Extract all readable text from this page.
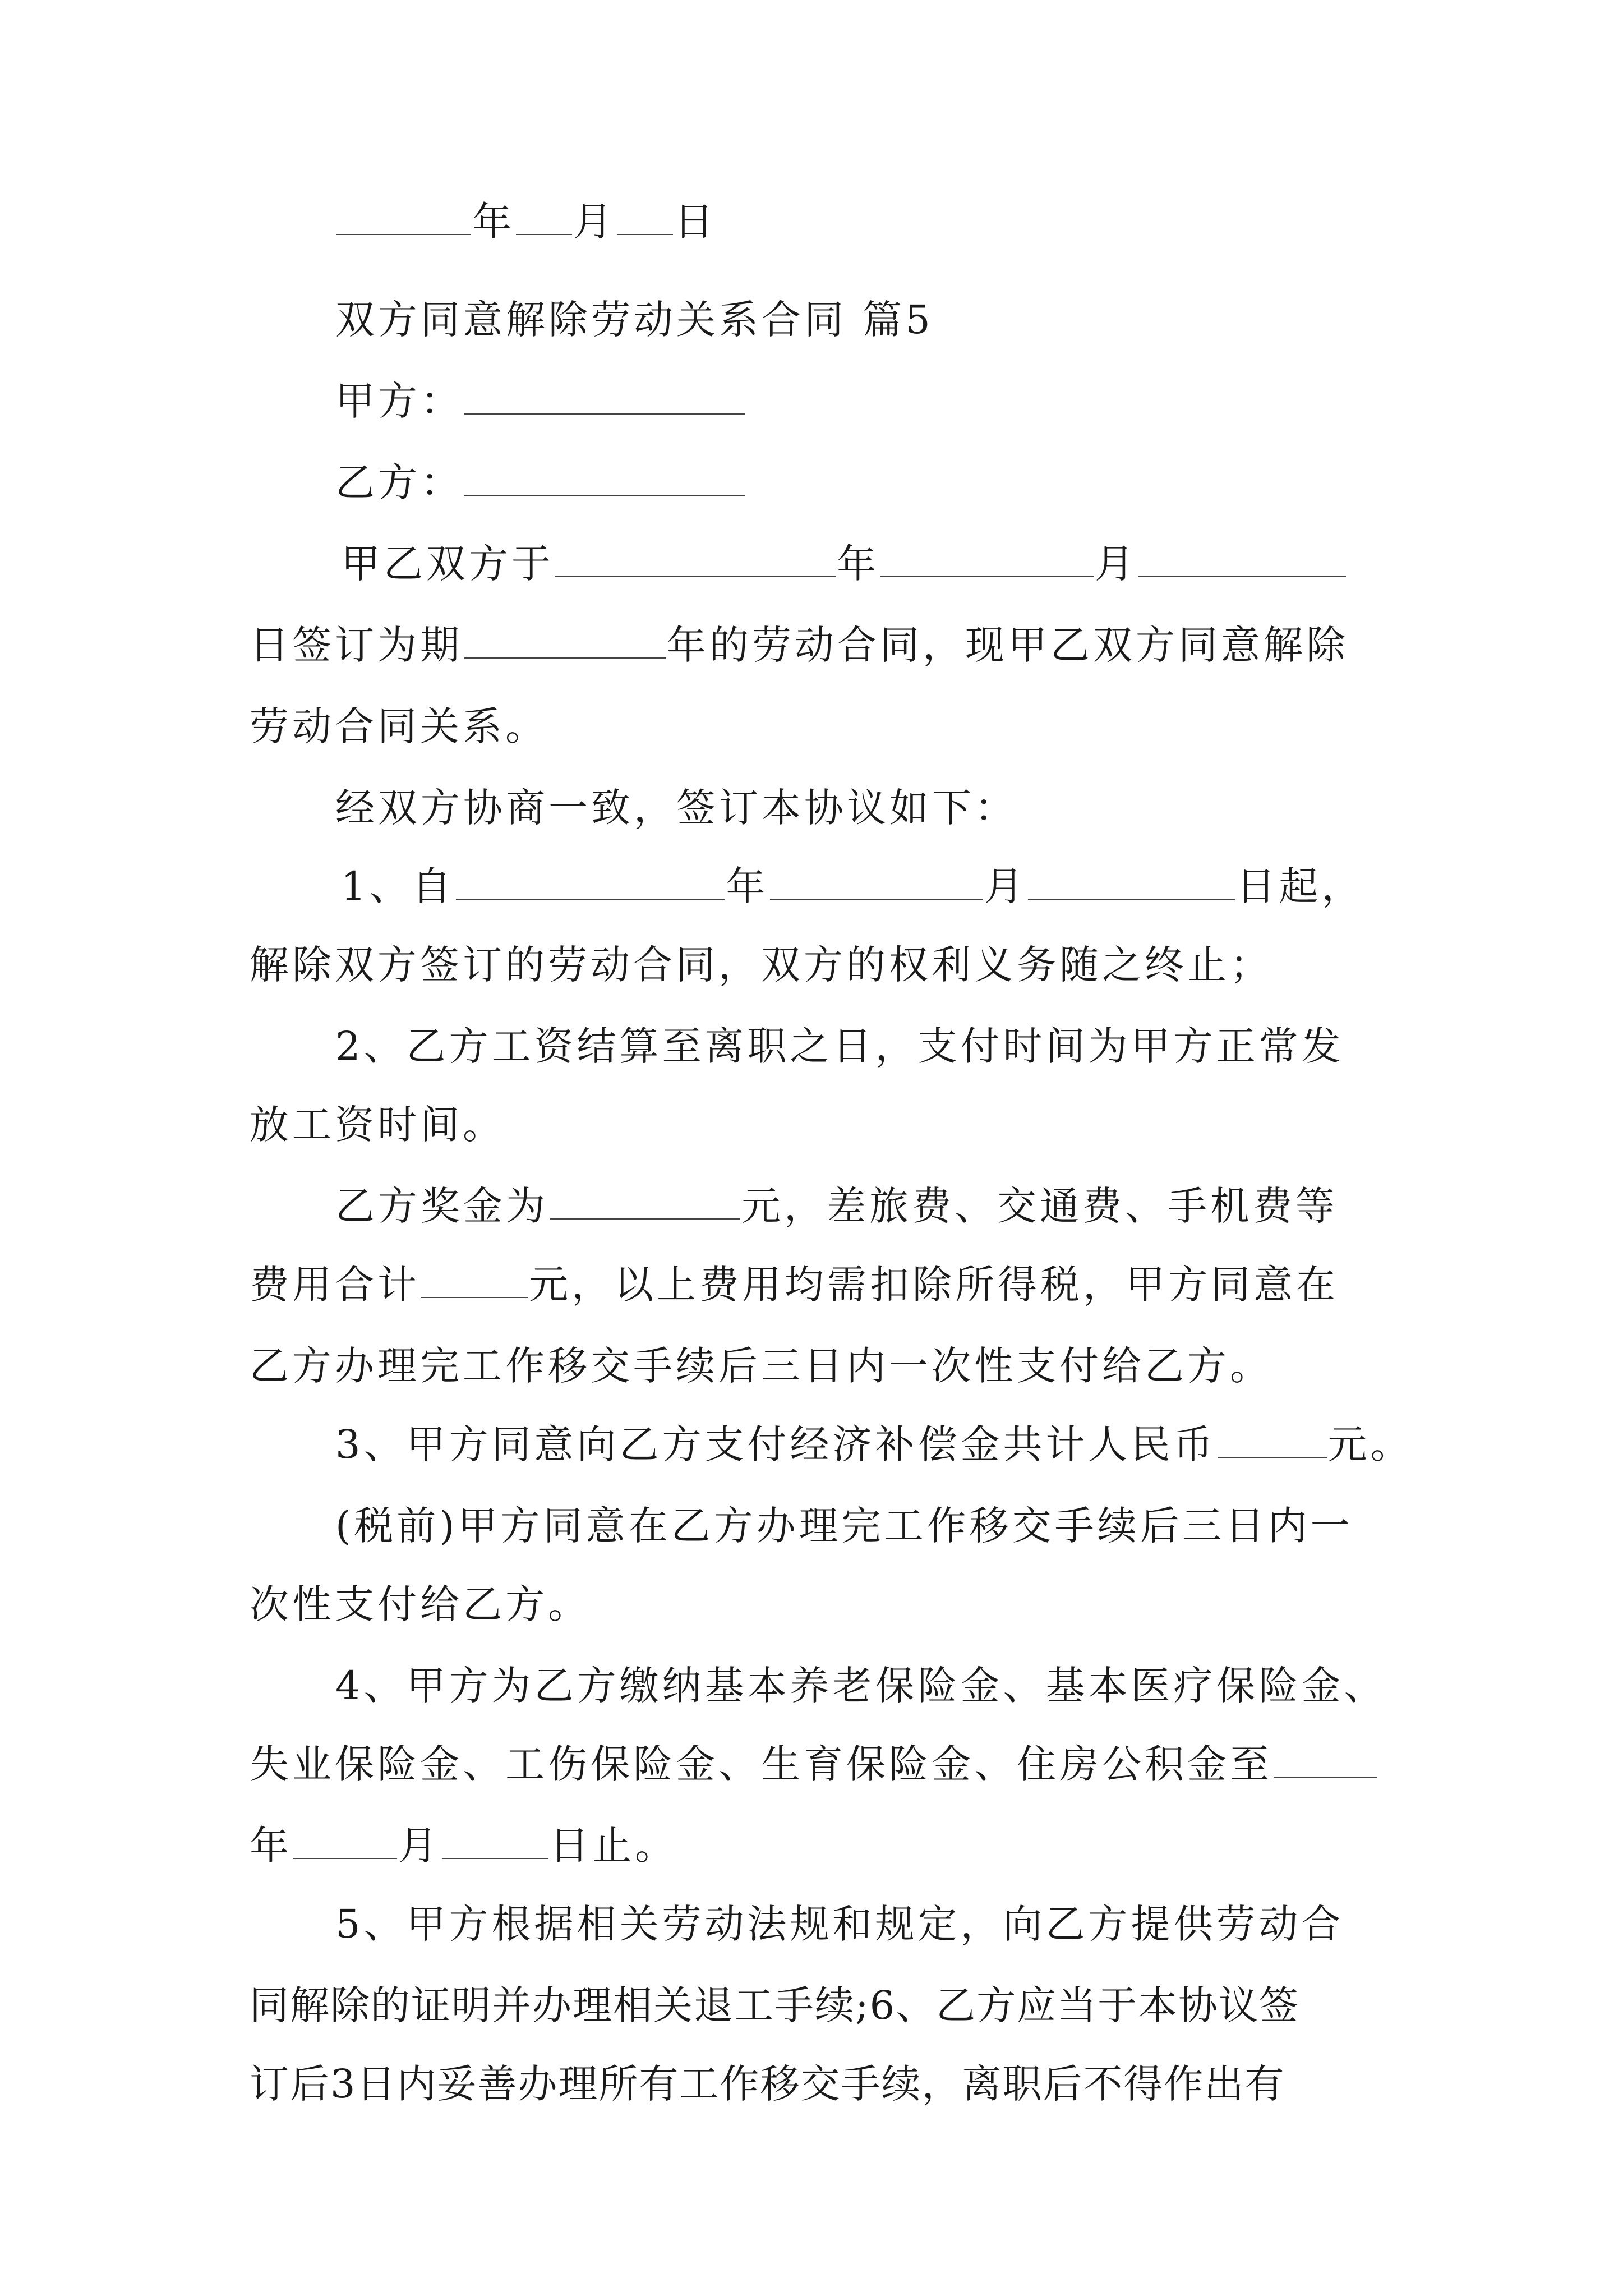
年 月 日
双方同意解除劳动关系合同 篇5
甲方：
乙方：
甲乙双方于	年	月
日签订为期	年的劳动合同，现甲乙双方同意解除
劳动合同关系。
经双方协商一致，签订本协议如下：
1、自	年	月	日起，
解除双方签订的劳动合同，双方的权利义务随之终止；
2、乙方工资结算至离职之日，支付时间为甲方正常发
放工资时间。
乙方奖金为	元，差旅费、交通费、手机费等
费用合计	元，以上费用均需扣除所得税，甲方同意在
乙方办理完工作移交手续后三日内一次性支付给乙方。
3、甲方同意向乙方支付经济补偿金共计人民币	元。
(税前)甲方同意在乙方办理完工作移交手续后三日内一
次性支付给乙方。
4、甲方为乙方缴纳基本养老保险金、基本医疗保险金、
失业保险金、工伤保险金、生育保险金、住房公积金至
年	月	日止。
5、甲方根据相关劳动法规和规定，向乙方提供劳动合
同解除的证明并办理相关退工手续;6、乙方应当于本协议签
订后3日内妥善办理所有工作移交手续，离职后不得作出有
